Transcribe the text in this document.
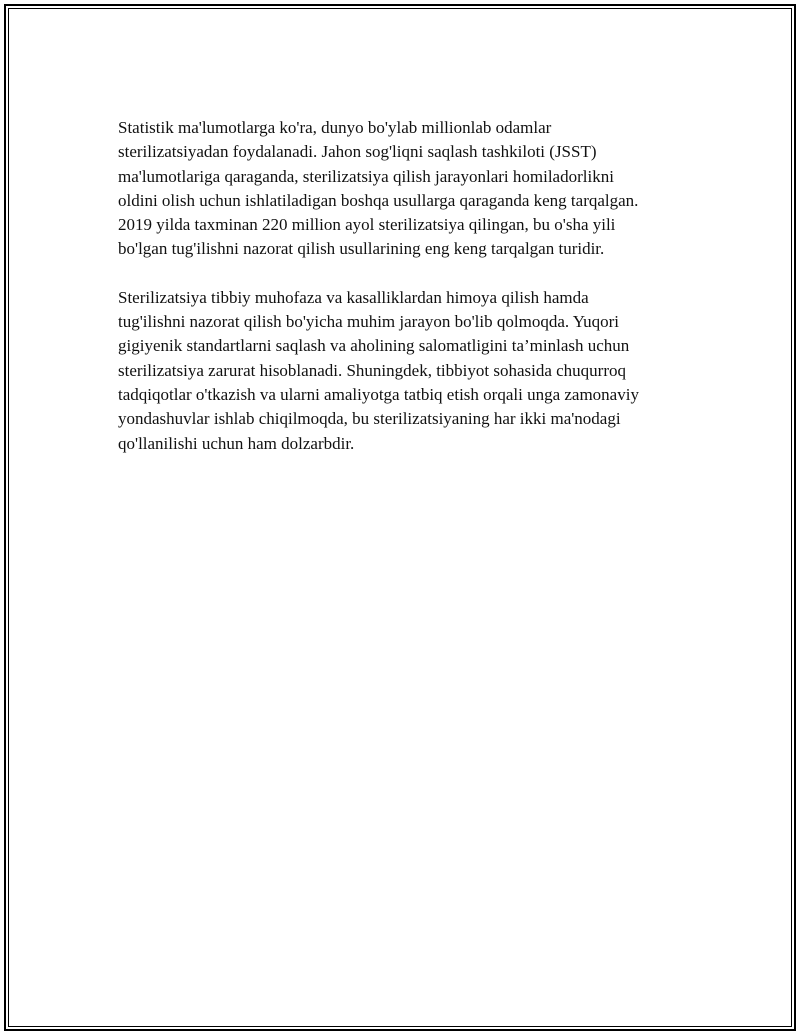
Statistik ma'lumotlarga ko'ra, dunyo bo'ylab millionlab odamlar
sterilizatsiyadan foydalanadi. Jahon sog'liqni saqlash tashkiloti (JSST)
ma'lumotlariga qaraganda, sterilizatsiya qilish jarayonlari homiladorlikni
oldini olish uchun ishlatiladigan boshqa usullarga qaraganda keng tarqalgan.
2019 yilda taxminan 220 million ayol sterilizatsiya qilingan, bu o'sha yili
bo'lgan tug'ilishni nazorat qilish usullarining eng keng tarqalgan turidir.

Sterilizatsiya tibbiy muhofaza va kasalliklardan himoya qilish hamda
tug'ilishni nazorat qilish bo'yicha muhim jarayon bo'lib qolmoqda. Yuqori
gigiyenik standartlarni saqlash va aholining salomatligini ta’minlash uchun
sterilizatsiya zarurat hisoblanadi. Shuningdek, tibbiyot sohasida chuqurroq
tadqiqotlar o'tkazish va ularni amaliyotga tatbiq etish orqali unga zamonaviy
yondashuvlar ishlab chiqilmoqda, bu sterilizatsiyaning har ikki ma'nodagi
qo'llanilishi uchun ham dolzarbdir.
